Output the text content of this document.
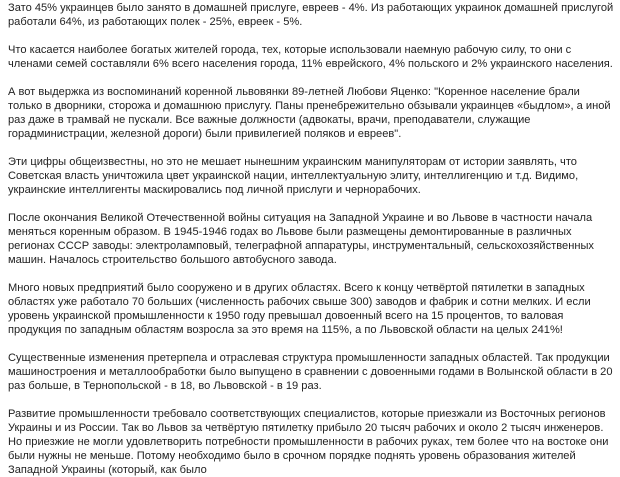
Зато 45% украинцев было занято в домашней прислуге, евреев - 4%. Из работающих украинок домашней прислугой работали 64%, из работающих полек - 25%, еврeек - 5%.

Что касается наиболее богатых жителей города, тех, которые использовали наемную рабочую силу, то они с членами семей составляли 6% всего населения города, 11% еврейского, 4% польского и 2% украинского населения.

А вот выдержка из воспоминаний коренной львовянки 89-летней Любови Яценко: "Коренное население брали только в дворники, сторожа и домашнюю прислугу. Паны пренебрежительно обзывали украинцев «быдлом», а иной раз даже в трамвай не пускали. Все важные должности (адвокаты, врачи, преподаватели, служащие горадминистрации, железной дороги) были привилегией поляков и евреев".

Эти цифры общеизвестны, но это не мешает нынешним украинским манипуляторам от истории заявлять, что Советская власть уничтожила цвет украинской нации, интеллектуальную элиту, интеллигенцию и т.д. Видимо, украинские интеллигенты маскировались под личной прислуги и чернорабочих.

После окончания Великой Отечественной войны ситуация на Западной Украине и во Львове в частности начала меняться коренным образом. В 1945-1946 годах во Львове были размещены демонтированные в различных регионах СССР заводы: электроламповый, телеграфной аппаратуры, инструментальный, сельскохозяйственных машин. Началось строительство большого автобусного завода.

Много новых предприятий было сооружено и в других областях. Всего к концу четвёртой пятилетки в западных областях уже работало 70 больших (численность рабочих свыше 300) заводов и фабрик и сотни мелких. И если уровень украинской промышленности к 1950 году превышал довоенный всего на 15 процентов, то валовая продукция по западным областям возросла за это время на 115%, а по Львовской области на целых 241%!

Существенные изменения претерпела и отраслевая структура промышленности западных областей. Так продукции машиностроения и металлообработки было выпущено в сравнении с довоенными годами в Волынской области в 20 раз больше, в Тернопольской - в 18, во Львовской - в 19 раз.

Развитие промышленности требовало соответствующих специалистов, которые приезжали из Восточных регионов Украины и из России. Так во Львов за четвёртую пятилетку прибыло 20 тысяч рабочих и около 2 тысяч инженеров. Но приезжие не могли удовлетворить потребности промышленности в рабочих руках, тем более что на востоке они были нужны не меньше. Потому необходимо было в срочном порядке поднять уровень образования жителей Западной Украины (который, как было
